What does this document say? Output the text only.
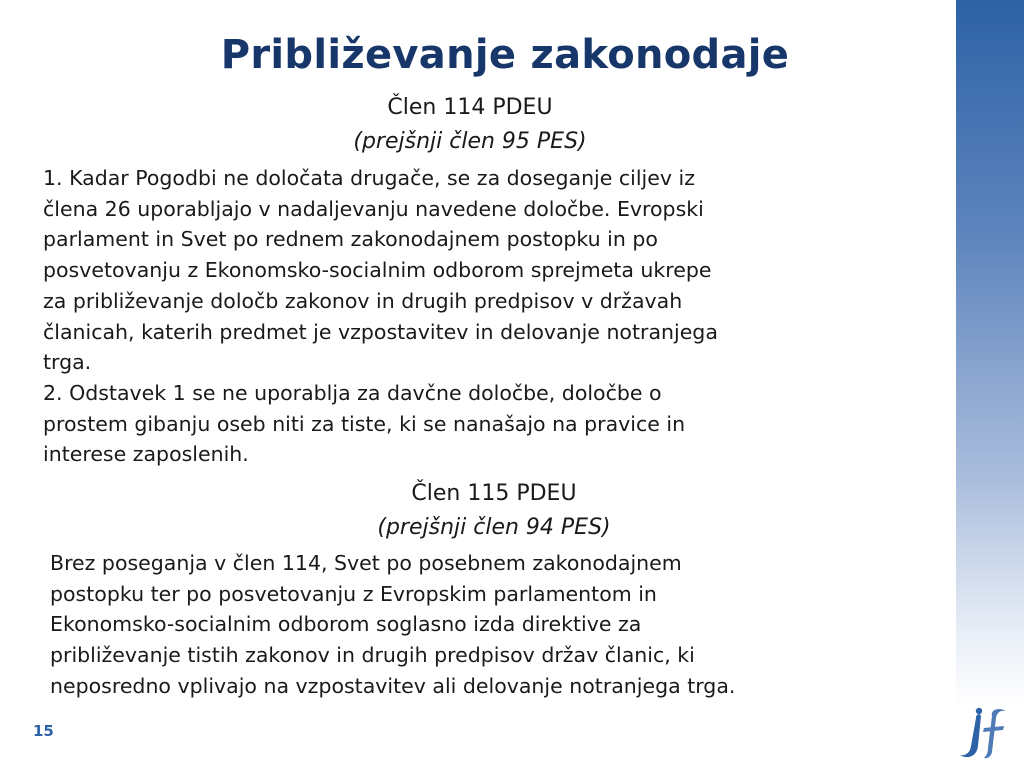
Približevanje zakonodaje
Člen 114 PDEU
(prejšnji člen 95 PES)
1. Kadar Pogodbi ne določata drugače, se za doseganje ciljev iz
člena 26 uporabljajo v nadaljevanju navedene določbe. Evropski
parlament in Svet po rednem zakonodajnem postopku in po
posvetovanju z Ekonomsko-socialnim odborom sprejmeta ukrepe
za približevanje določb zakonov in drugih predpisov v državah
članicah, katerih predmet je vzpostavitev in delovanje notranjega
trga.
2. Odstavek 1 se ne uporablja za davčne določbe, določbe o
prostem gibanju oseb niti za tiste, ki se nanašajo na pravice in
interese zaposlenih.
Člen 115 PDEU
(prejšnji člen 94 PES)
Brez poseganja v člen 114, Svet po posebnem zakonodajnem
postopku ter po posvetovanju z Evropskim parlamentom in
Ekonomsko-socialnim odborom soglasno izda direktive za
približevanje tistih zakonov in drugih predpisov držav članic, ki
neposredno vplivajo na vzpostavitev ali delovanje notranjega trga.
15
